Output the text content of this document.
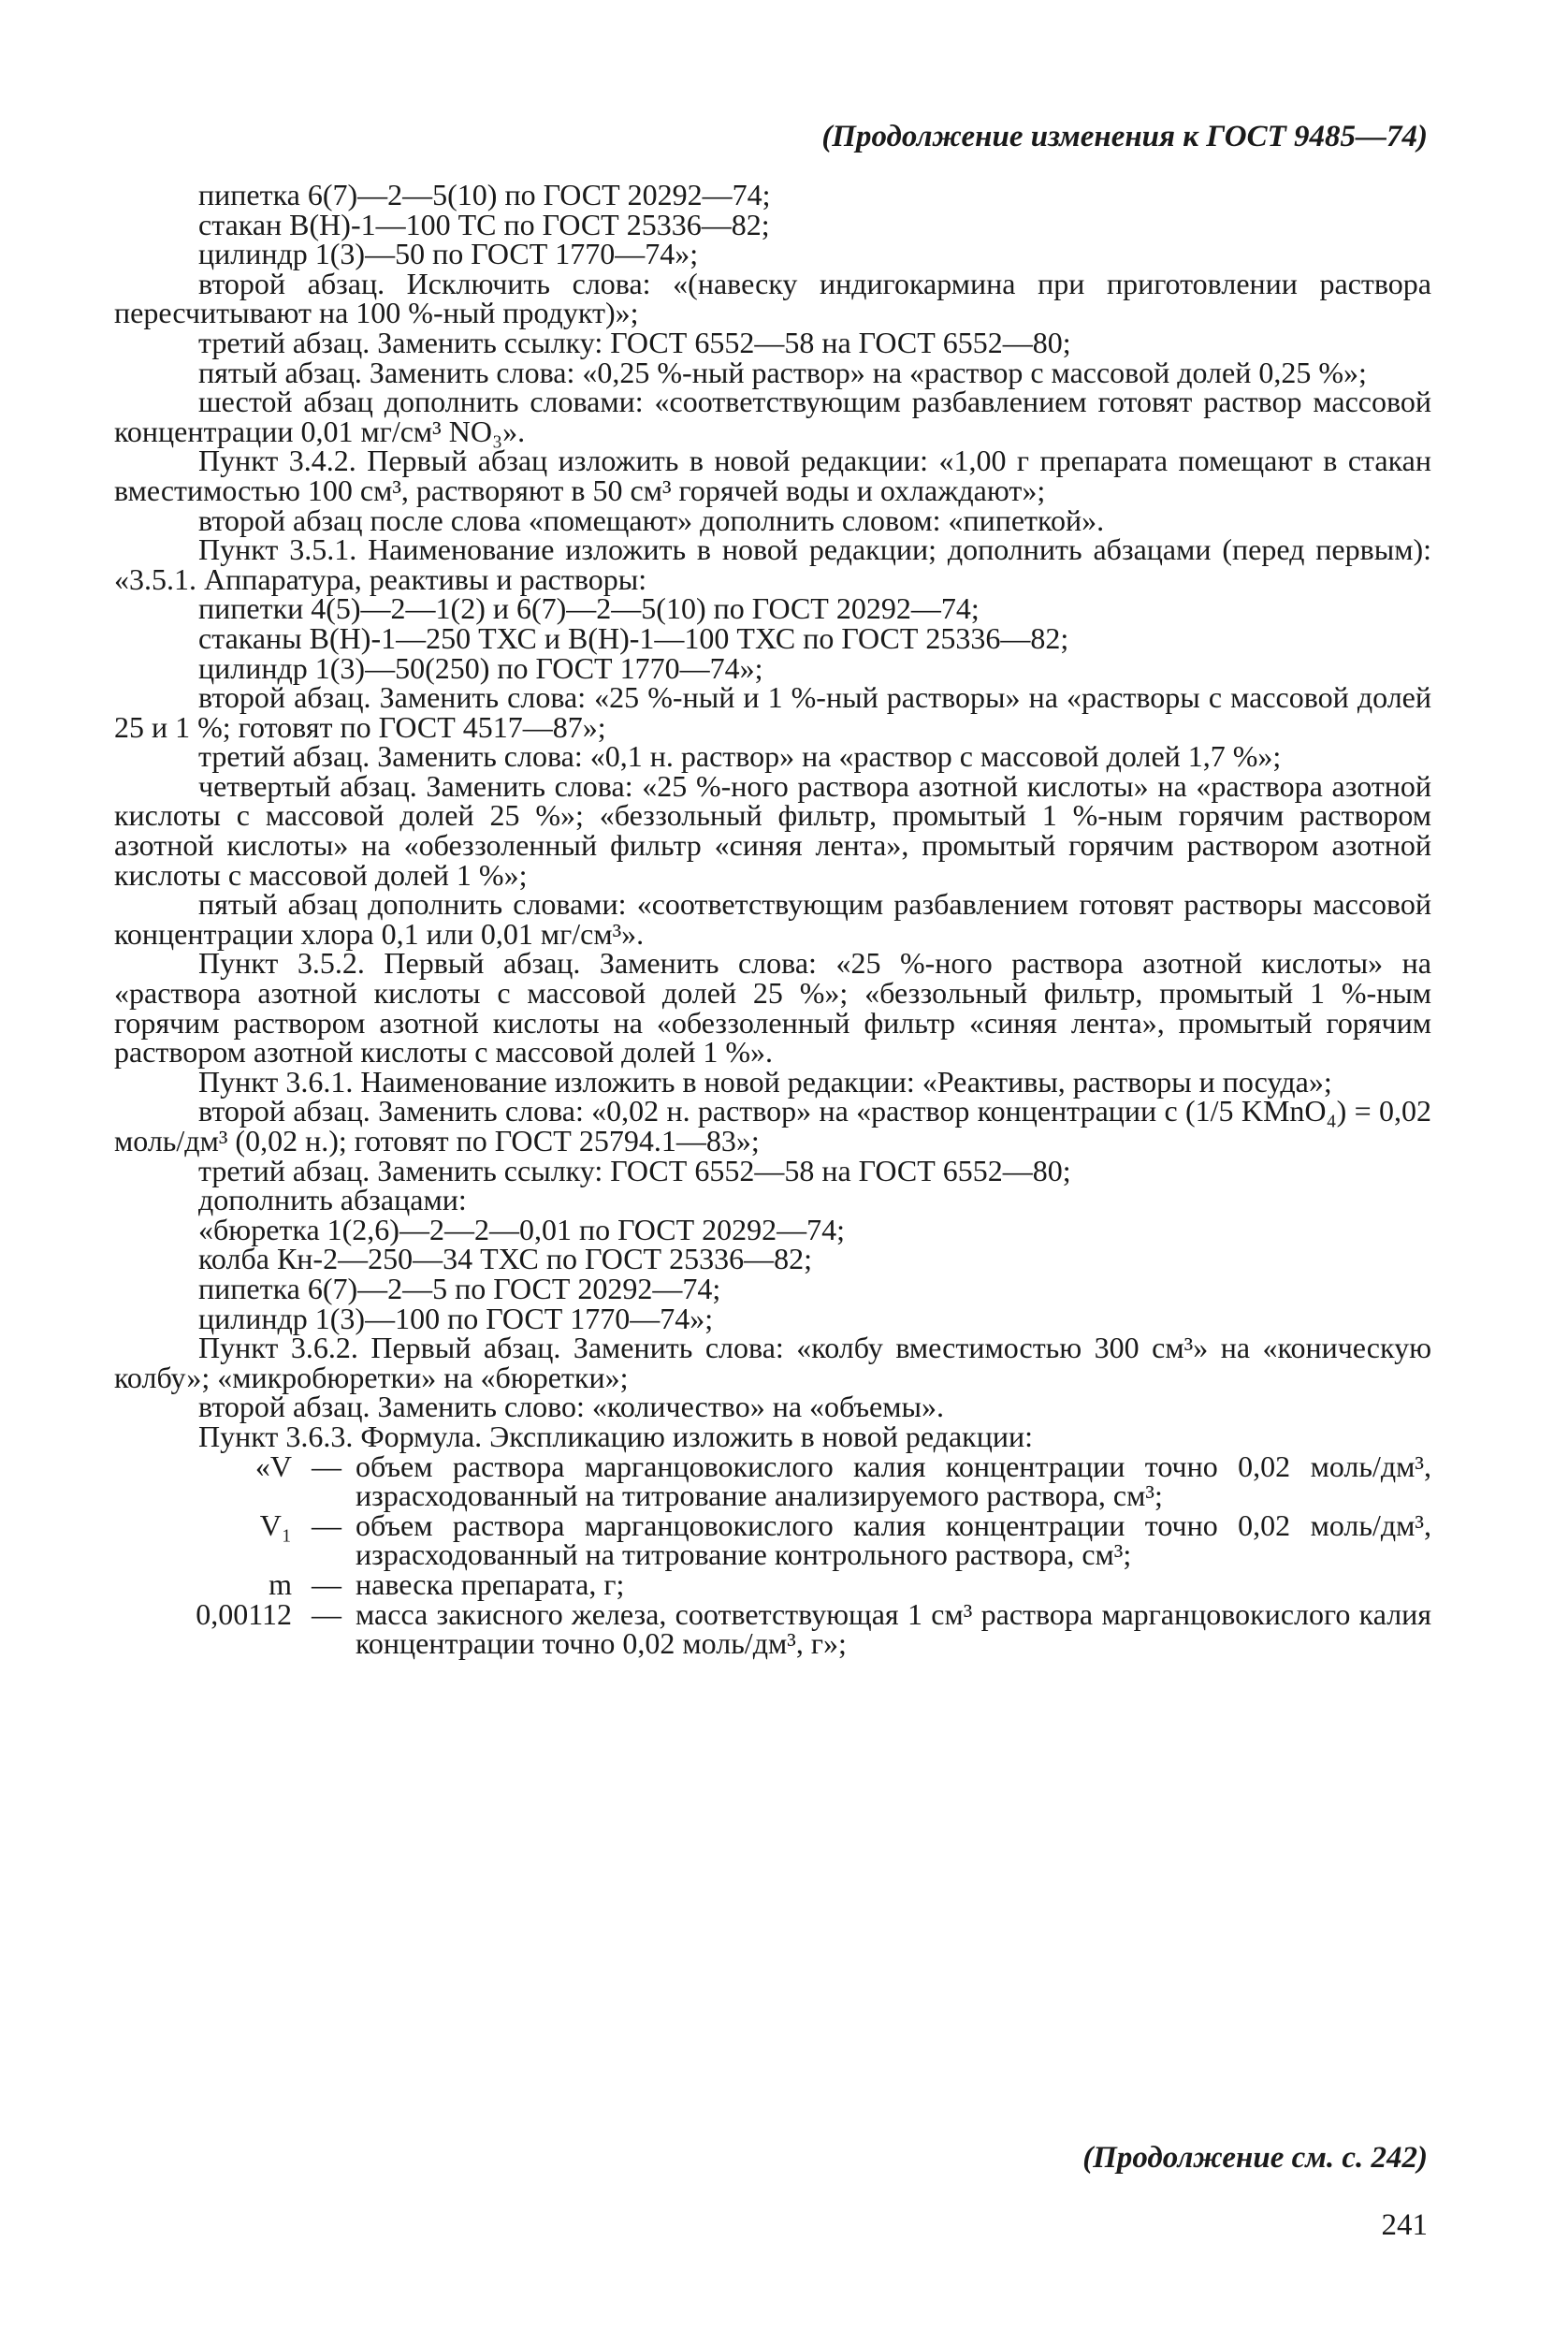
(Продолжение изменения к ГОСТ 9485—74)

пипетка 6(7)—2—5(10) по ГОСТ 20292—74;

стакан В(Н)-1—100 ТС по ГОСТ 25336—82;

цилиндр 1(3)—50 по ГОСТ 1770—74»;

второй абзац. Исключить слова: «(навеску индигокармина при приготовлении раствора пересчитывают на 100 %-ный продукт)»;

третий абзац. Заменить ссылку: ГОСТ 6552—58 на ГОСТ 6552—80;

пятый абзац. Заменить слова: «0,25 %-ный раствор» на «раствор с массовой долей 0,25 %»;

шестой абзац дополнить словами: «соответствующим разбавлением готовят раствор массовой концентрации 0,01 мг/см³ NO₃».

Пункт 3.4.2. Первый абзац изложить в новой редакции: «1,00 г препарата помещают в стакан вместимостью 100 см³, растворяют в 50 см³ горячей воды и охлаждают»;

второй абзац после слова «помещают» дополнить словом: «пипеткой».

Пункт 3.5.1. Наименование изложить в новой редакции; дополнить абзацами (перед первым): «3.5.1. Аппаратура, реактивы и растворы:

пипетки 4(5)—2—1(2) и 6(7)—2—5(10) по ГОСТ 20292—74;

стаканы В(Н)-1—250 ТХС и В(Н)-1—100 ТХС по ГОСТ 25336—82;

цилиндр 1(3)—50(250) по ГОСТ 1770—74»;

второй абзац. Заменить слова: «25 %-ный и 1 %-ный растворы» на «растворы с массовой долей 25 и 1 %; готовят по ГОСТ 4517—87»;

третий абзац. Заменить слова: «0,1 н. раствор» на «раствор с массовой долей 1,7 %»;

четвертый абзац. Заменить слова: «25 %-ного раствора азотной кислоты» на «раствора азотной кислоты с массовой долей 25 %»; «беззольный фильтр, промытый 1 %-ным горячим раствором азотной кислоты» на «обеззоленный фильтр «синяя лента», промытый горячим раствором азотной кислоты с массовой долей 1 %»;

пятый абзац дополнить словами: «соответствующим разбавлением готовят растворы массовой концентрации хлора 0,1 или 0,01 мг/см³».

Пункт 3.5.2. Первый абзац. Заменить слова: «25 %-ного раствора азотной кислоты» на «раствора азотной кислоты с массовой долей 25 %»; «беззольный фильтр, промытый 1 %-ным горячим раствором азотной кислоты на «обеззоленный фильтр «синяя лента», промытый горячим раствором азотной кислоты с массовой долей 1 %».

Пункт 3.6.1. Наименование изложить в новой редакции: «Реактивы, растворы и посуда»;

второй абзац. Заменить слова: «0,02 н. раствор» на «раствор концентрации c (1/5 KMnO₄) = 0,02 моль/дм³ (0,02 н.); готовят по ГОСТ 25794.1—83»;

третий абзац. Заменить ссылку: ГОСТ 6552—58 на ГОСТ 6552—80;

дополнить абзацами:

«бюретка 1(2,6)—2—2—0,01 по ГОСТ 20292—74;

колба Кн-2—250—34 ТХС по ГОСТ 25336—82;

пипетка 6(7)—2—5 по ГОСТ 20292—74;

цилиндр 1(3)—100 по ГОСТ 1770—74»;

Пункт 3.6.2. Первый абзац. Заменить слова: «колбу вместимостью 300 см³» на «коническую колбу»; «микробюретки» на «бюретки»;

второй абзац. Заменить слово: «количество» на «объемы».

Пункт 3.6.3. Формула. Экспликацию изложить в новой редакции:

«V — объем раствора марганцовокислого калия концентрации точно 0,02 моль/дм³, израсходованный на титрование анализируемого раствора, см³;
V₁ — объем раствора марганцовокислого калия концентрации точно 0,02 моль/дм³, израсходованный на титрование контрольного раствора, см³;
m — навеска препарата, г;
0,00112 — масса закисного железа, соответствующая 1 см³ раствора марганцовокислого калия концентрации точно 0,02 моль/дм³, г»;
(Продолжение см. с. 242)
241
